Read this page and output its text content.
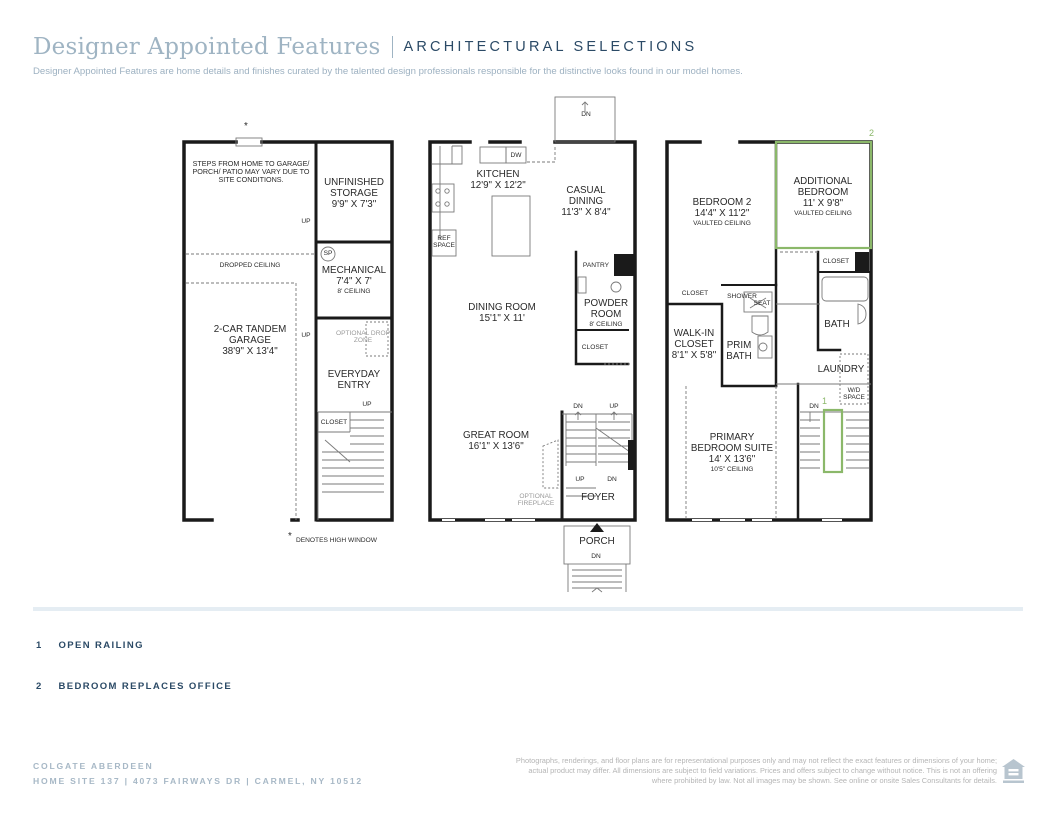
Designer Appointed Features ARCHITECTURAL SELECTIONS
Designer Appointed Features are home details and finishes curated by the talented design professionals responsible for the distinctive looks found in our model homes.
*
STEPS FROM HOME TO GARAGE/ PORCH/ PATIO MAY VARY DUE TO SITE CONDITIONS.	UNFINISHED STORAGE
9'9" X 7'3"
UP
DROPPED CEILING
SP
MECHANICAL
7'4" X 7'
8' CEILING
2-CAR TANDEM GARAGE
38'9" X 13'4"
UP	OPTIONAL DROP ZONE
EVERYDAY ENTRY
UP
CLOSET
* DENOTES HIGH WINDOW
DN
DW
KITCHEN
12'9" X 12'2"	CASUAL DINING
11'3" X 8'4"
REF SPACE
PANTRY
POWDER ROOM
8' CEILING
DINING ROOM
15'1" X 11'
CLOSET
DN	UP
GREAT ROOM
16'1" X 13'6"
UP	DN
FOYER
OPTIONAL FIREPLACE
PORCH
DN
2
BEDROOM 2
14'4" X 11'2"
VAULTED CEILING
ADDITIONAL BEDROOM
11' X 9'8"
VAULTED CEILING
CLOSET
CLOSET	SHOWER
SEAT
BATH
WALK-IN CLOSET
8'1" X 5'8"
PRIM BATH
LAUNDRY
W/D SPACE
DN
1
PRIMARY BEDROOM SUITE
14' X 13'6"
10'5" CEILING
1 OPEN RAILING
2 BEDROOM REPLACES OFFICE
COLGATE ABERDEEN
HOME SITE 137 | 4073 FAIRWAYS DR | CARMEL, NY 10512
Photographs, renderings, and floor plans are for representational purposes only and may not reflect the exact features or dimensions of your home; actual product may differ. All dimensions are subject to field variations. Prices and offers subject to change without notice. This is not an offering where prohibited by law. Not all images may be shown. See online or onsite Sales Consultants for details.
